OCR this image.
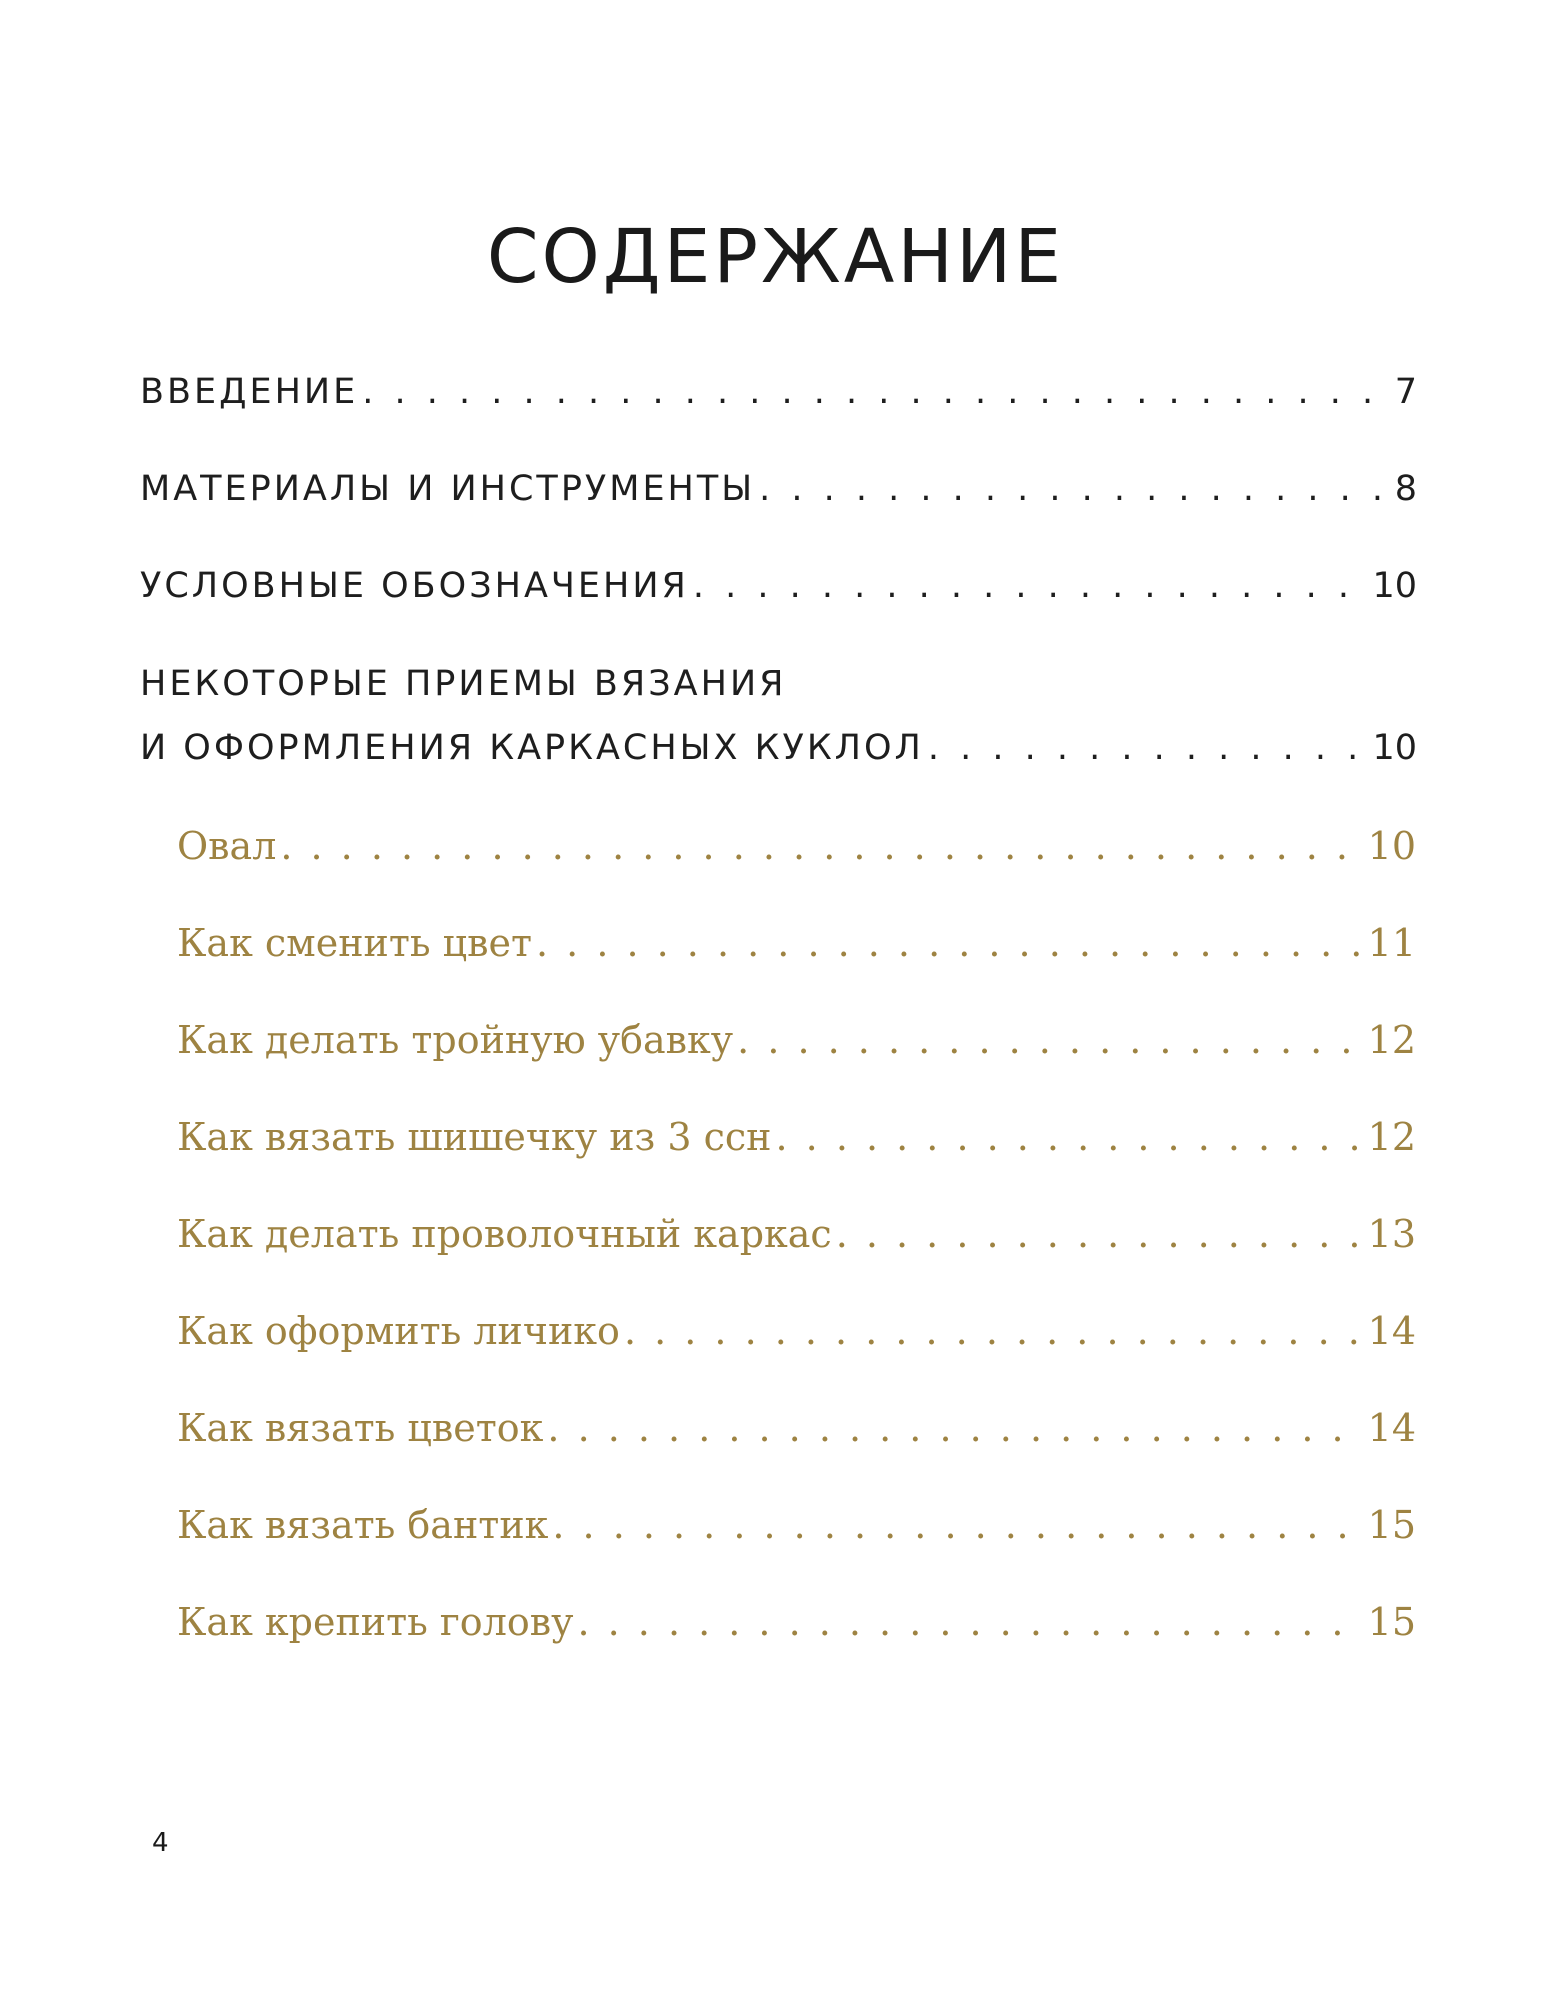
СОДЕРЖАНИЕ
ВВЕДЕНИЕ . . .	7
МАТЕРИАЛЫ И ИНСТРУМЕНТЫ . . .	8
УСЛОВНЫЕ ОБОЗНАЧЕНИЯ . . .	10
НЕКОТОРЫЕ ПРИЕМЫ ВЯЗАНИЯ
И ОФОРМЛЕНИЯ КАРКАСНЫХ КУКЛОЛ . . .	10
Овал . . .	10
Как сменить цвет . . .	11
Как делать тройную убавку . . .	12
Как вязать шишечку из 3 ссн . . .	12
Как делать проволочный каркас . . .	13
Как оформить личико . . .	14
Как вязать цветок . . .	14
Как вязать бантик . . .	15
Как крепить голову . . .	15
4
